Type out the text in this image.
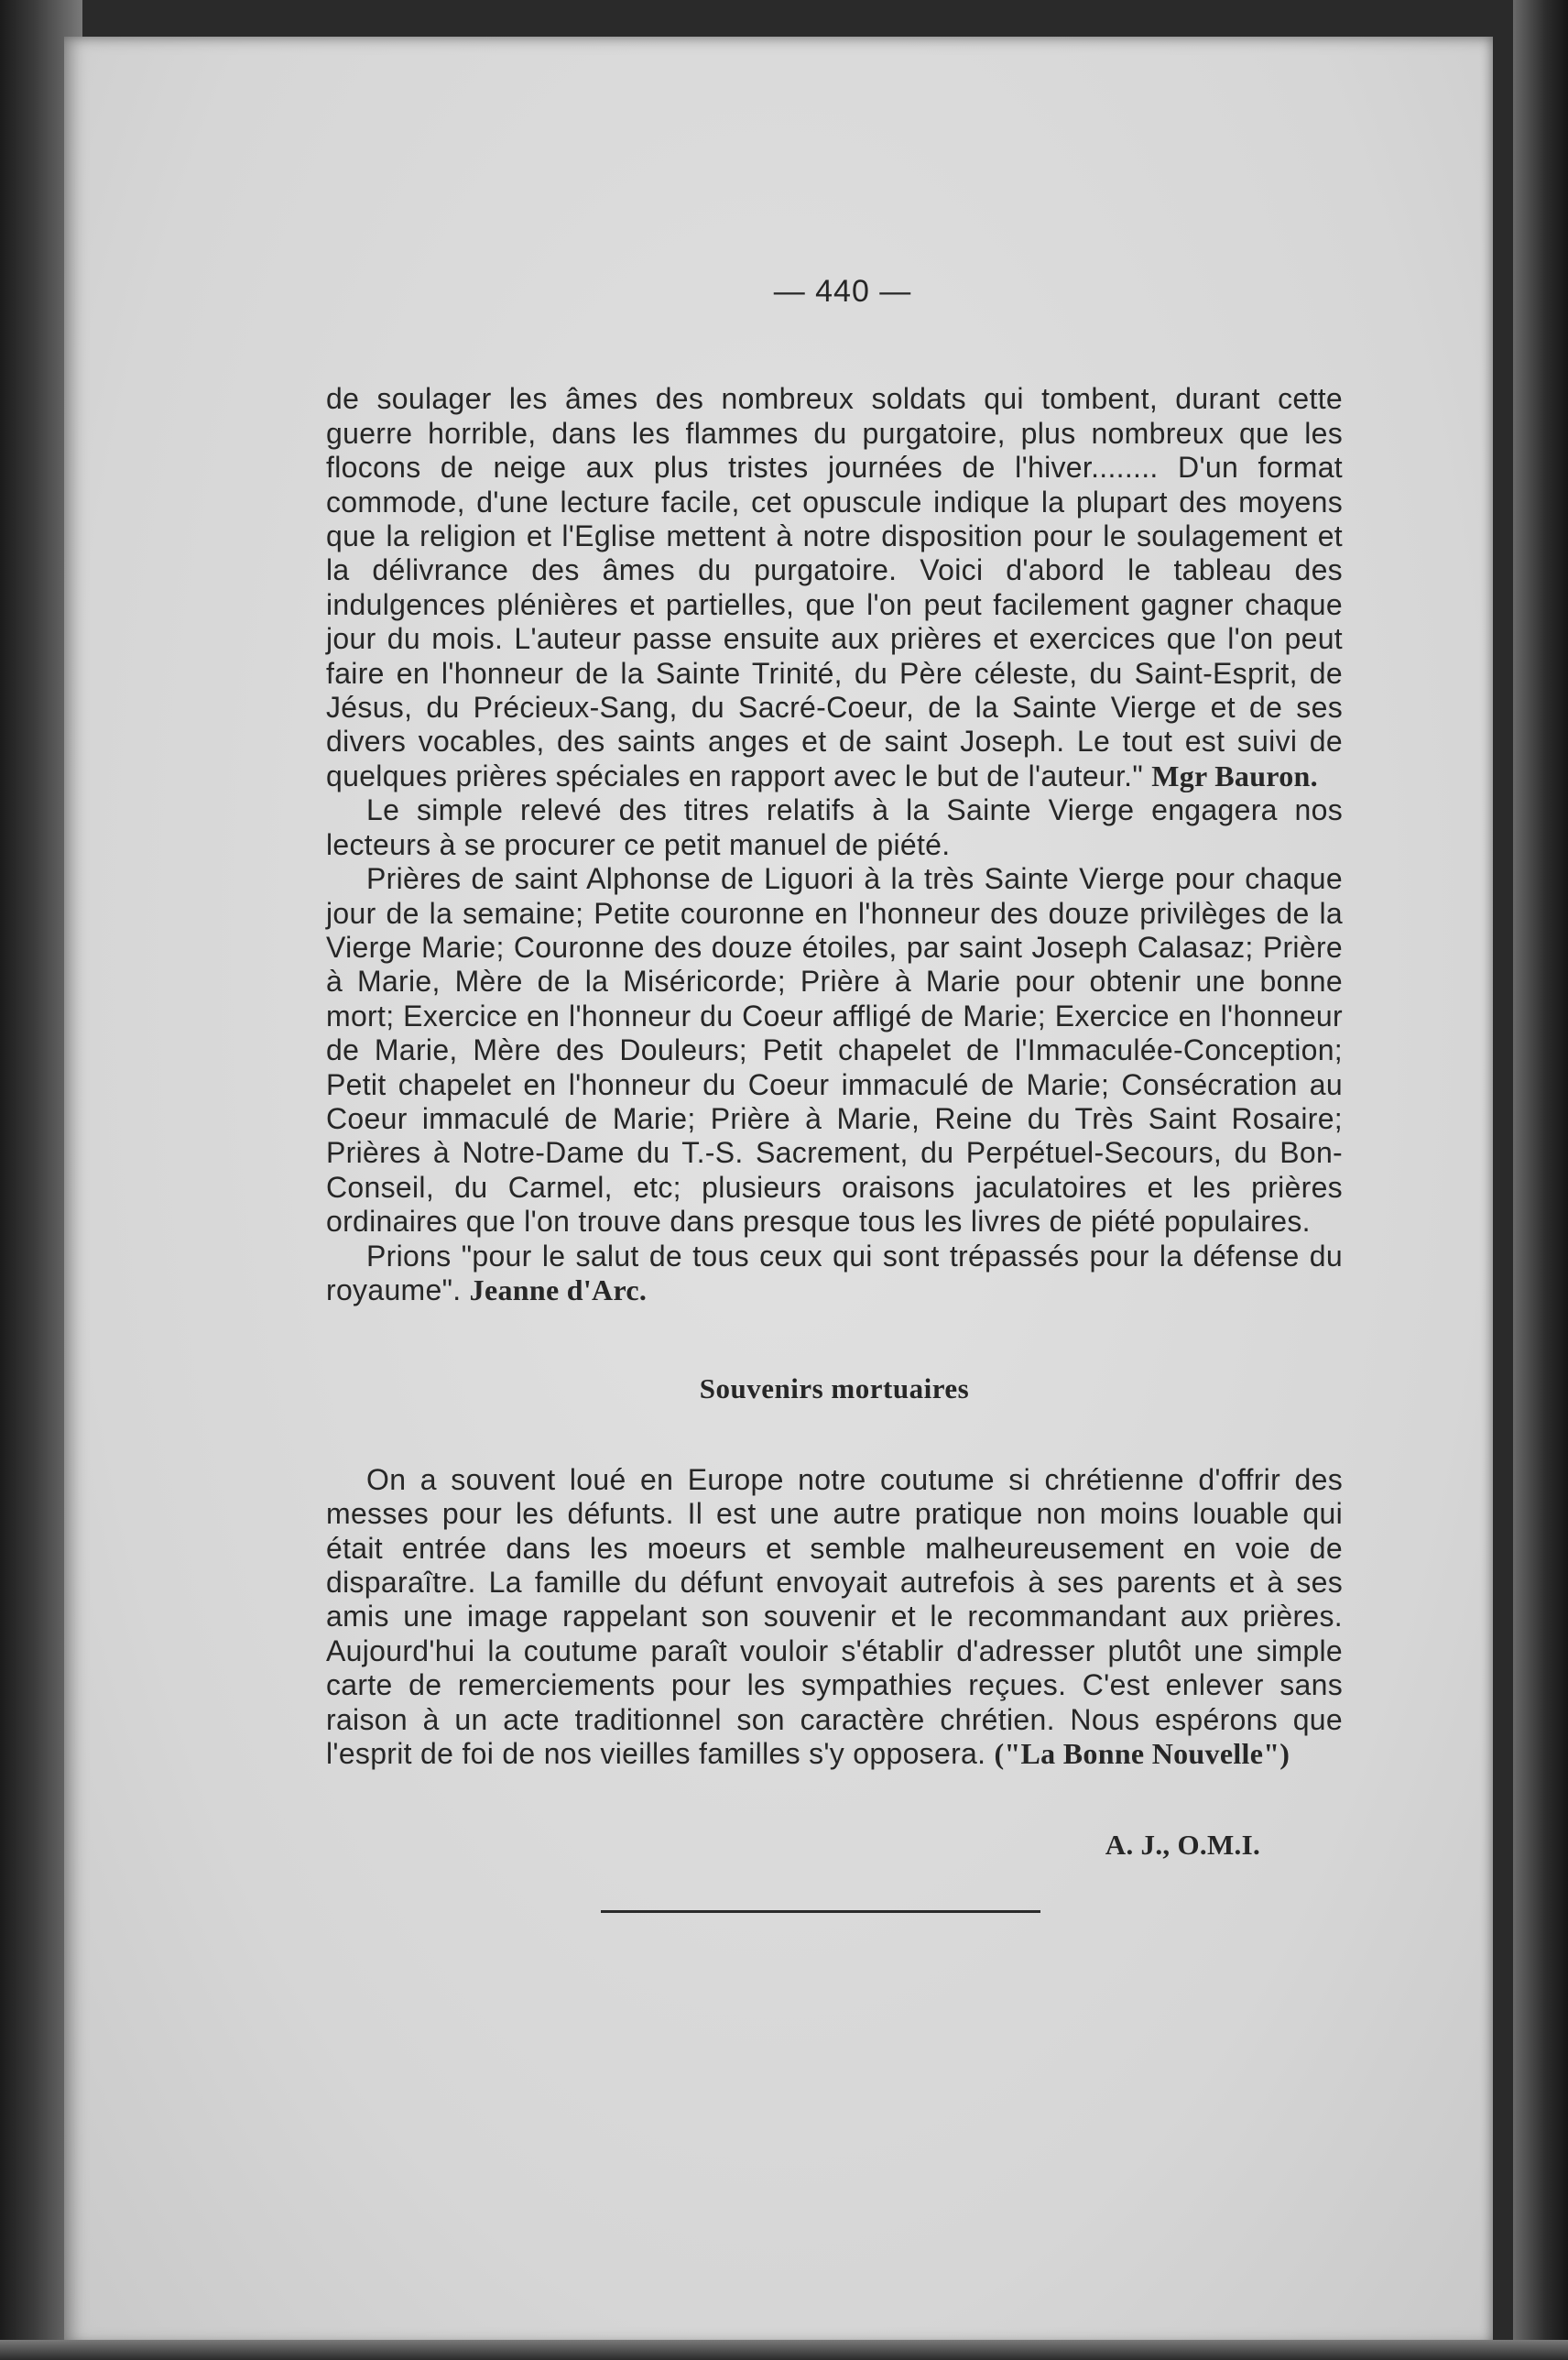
— 440 —

de soulager les âmes des nombreux soldats qui tombent, durant cette guerre horrible, dans les flammes du purgatoire, plus nombreux que les flocons de neige aux plus tristes journées de l'hiver........ D'un format commode, d'une lecture facile, cet opuscule indique la plupart des moyens que la religion et l'Eglise mettent à notre disposition pour le soulagement et la délivrance des âmes du purgatoire. Voici d'abord le tableau des indulgences plénières et partielles, que l'on peut facilement gagner chaque jour du mois. L'auteur passe ensuite aux prières et exercices que l'on peut faire en l'honneur de la Sainte Trinité, du Père céleste, du Saint-Esprit, de Jésus, du Précieux-Sang, du Sacré-Coeur, de la Sainte Vierge et de ses divers vocables, des saints anges et de saint Joseph. Le tout est suivi de quelques prières spéciales en rapport avec le but de l'auteur." Mgr Bauron.

Le simple relevé des titres relatifs à la Sainte Vierge engagera nos lecteurs à se procurer ce petit manuel de piété.

Prières de saint Alphonse de Liguori à la très Sainte Vierge pour chaque jour de la semaine; Petite couronne en l'honneur des douze privilèges de la Vierge Marie; Couronne des douze étoiles, par saint Joseph Calasaz; Prière à Marie, Mère de la Miséricorde; Prière à Marie pour obtenir une bonne mort; Exercice en l'honneur du Coeur affligé de Marie; Exercice en l'honneur de Marie, Mère des Douleurs; Petit chapelet de l'Immaculée-Conception; Petit chapelet en l'honneur du Coeur immaculé de Marie; Consécration au Coeur immaculé de Marie; Prière à Marie, Reine du Très Saint Rosaire; Prières à Notre-Dame du T.-S. Sacrement, du Perpétuel-Secours, du Bon-Conseil, du Carmel, etc; plusieurs oraisons jaculatoires et les prières ordinaires que l'on trouve dans presque tous les livres de piété populaires.

Prions "pour le salut de tous ceux qui sont trépassés pour la défense du royaume". Jeanne d'Arc.

Souvenirs mortuaires

On a souvent loué en Europe notre coutume si chrétienne d'offrir des messes pour les défunts. Il est une autre pratique non moins louable qui était entrée dans les moeurs et semble malheureusement en voie de disparaître. La famille du défunt envoyait autrefois à ses parents et à ses amis une image rappelant son souvenir et le recommandant aux prières. Aujourd'hui la coutume paraît vouloir s'établir d'adresser plutôt une simple carte de remerciements pour les sympathies reçues. C'est enlever sans raison à un acte traditionnel son caractère chrétien. Nous espérons que l'esprit de foi de nos vieilles familles s'y opposera. ("La Bonne Nouvelle")

A. J., O.M.I.
